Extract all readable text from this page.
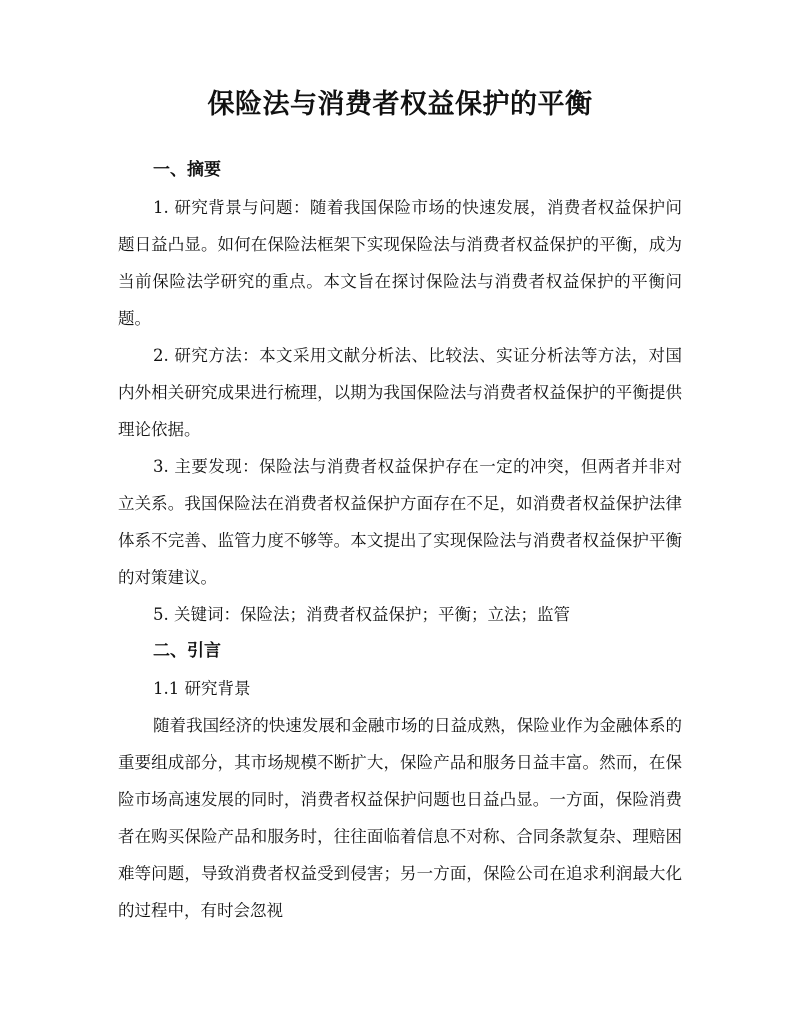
保险法与消费者权益保护的平衡
一、摘要

1. 研究背景与问题：随着我国保险市场的快速发展，消费者权益保护问题日益凸显。如何在保险法框架下实现保险法与消费者权益保护的平衡，成为当前保险法学研究的重点。本文旨在探讨保险法与消费者权益保护的平衡问题。

2. 研究方法：本文采用文献分析法、比较法、实证分析法等方法，对国内外相关研究成果进行梳理，以期为我国保险法与消费者权益保护的平衡提供理论依据。

3. 主要发现：保险法与消费者权益保护存在一定的冲突，但两者并非对立关系。我国保险法在消费者权益保护方面存在不足，如消费者权益保护法律体系不完善、监管力度不够等。本文提出了实现保险法与消费者权益保护平衡的对策建议。

5. 关键词：保险法；消费者权益保护；平衡；立法；监管

二、引言
1.1 研究背景

随着我国经济的快速发展和金融市场的日益成熟，保险业作为金融体系的重要组成部分，其市场规模不断扩大，保险产品和服务日益丰富。然而，在保险市场高速发展的同时，消费者权益保护问题也日益凸显。一方面，保险消费者在购买保险产品和服务时，往往面临着信息不对称、合同条款复杂、理赔困难等问题，导致消费者权益受到侵害；另一方面，保险公司在追求利润最大化的过程中，有时会忽视
